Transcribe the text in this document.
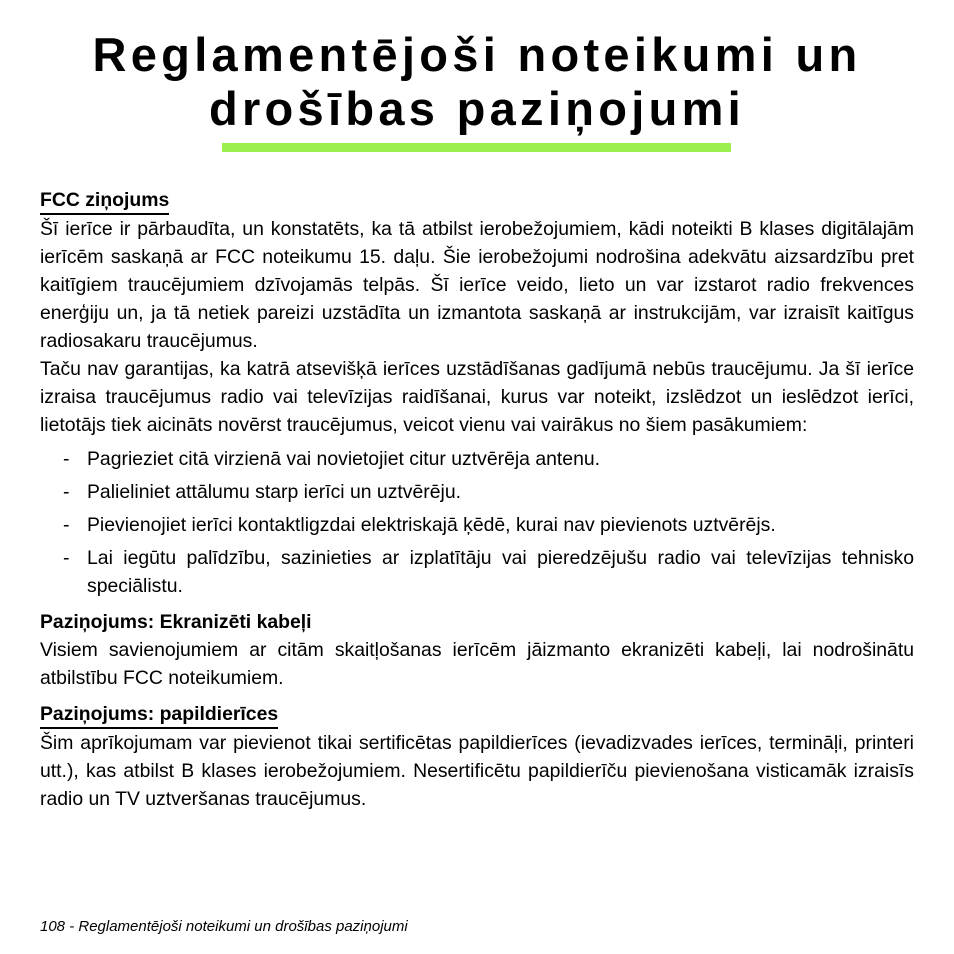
Reglamentējoši noteikumi un
drošības paziņojumi
FCC ziņojums

Šī ierīce ir pārbaudīta, un konstatēts, ka tā atbilst ierobežojumiem, kādi noteikti B klases digitālajām ierīcēm saskaņā ar FCC noteikumu 15. daļu. Šie ierobežojumi nodrošina adekvātu aizsardzību pret kaitīgiem traucējumiem dzīvojamās telpās. Šī ierīce veido, lieto un var izstarot radio frekvences enerģiju un, ja tā netiek pareizi uzstādīta un izmantota saskaņā ar instrukcijām, var izraisīt kaitīgus radiosakaru traucējumus.

Taču nav garantijas, ka katrā atsevišķā ierīces uzstādīšanas gadījumā nebūs traucējumu. Ja šī ierīce izraisa traucējumus radio vai televīzijas raidīšanai, kurus var noteikt, izslēdzot un ieslēdzot ierīci, lietotājs tiek aicināts novērst traucējumus, veicot vienu vai vairākus no šiem pasākumiem:

- Pagrieziet citā virzienā vai novietojiet citur uztvērēja antenu.
- Palieliniet attālumu starp ierīci un uztvērēju.
- Pievienojiet ierīci kontaktligzdai elektriskajā ķēdē, kurai nav pievienots uztvērējs.
- Lai iegūtu palīdzību, sazinieties ar izplatītāju vai pieredzējušu radio vai televīzijas tehnisko speciālistu.
Paziņojums: Ekranizēti kabeļi

Visiem savienojumiem ar citām skaitļošanas ierīcēm jāizmanto ekranizēti kabeļi, lai nodrošinātu atbilstību FCC noteikumiem.

Paziņojums: papildierīces

Šim aprīkojumam var pievienot tikai sertificētas papildierīces (ievadizvades ierīces, termināļi, printeri utt.), kas atbilst B klases ierobežojumiem. Nesertificētu papildierīču pievienošana visticamāk izraisīs radio un TV uztveršanas traucējumus.

108 - Reglamentējoši noteikumi un drošības paziņojumi
